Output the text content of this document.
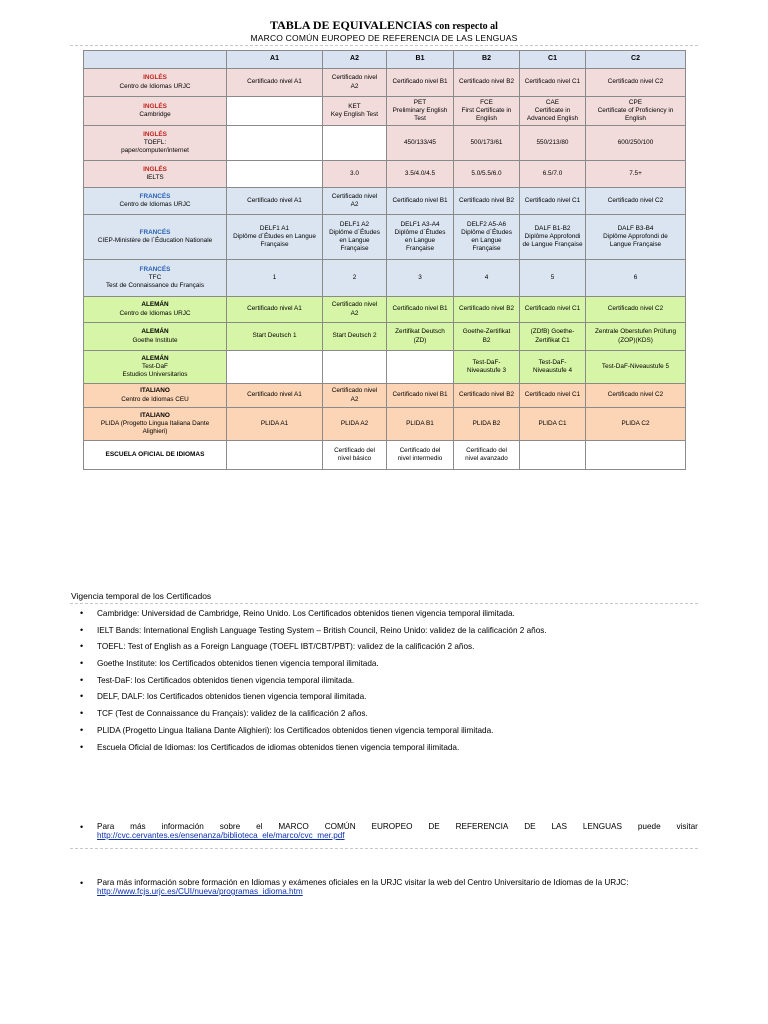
TABLA DE EQUIVALENCIAS con respecto al
MARCO COMÚN EUROPEO DE REFERENCIA DE LAS LENGUAS
	A1	A2	B1	B2	C1	C2
INGLÉS
Centro de Idiomas URJC	Certificado nivel A1	Certificado nivel
A2	Certificado nivel B1	Certificado nivel B2	Certificado nivel C1	Certificado nivel C2
INGLÉS
Cambridge		KET
Key English Test	PET
Preliminary English
Test	FCE
First Certificate in
English	CAE
Certificate in
Advanced English	CPE
Certificate of Proficiency in
English
INGLÉS
TOEFL:
paper/computer/internet			450/133/45	500/173/61	550/213/80	600/250/100
INGLÉS
IELTS		3.0	3.5/4.0/4.5	5.0/5.5/6.0	6.5/7.0	7.5+
FRANCÉS
Centro de Idiomas URJC	Certificado nivel A1	Certificado nivel
A2	Certificado nivel B1	Certificado nivel B2	Certificado nivel C1	Certificado nivel C2
FRANCÉS
CIEP-Ministère de l´Éducation Nationale	DELF1 A1
Diplôme d´Études en Langue
Française	DELF1 A2
Diplôme d´Études
en Langue
Française	DELF1 A3-A4
Diplôme d´Études
en Langue
Française	DELF2 A5-A6
Diplôme d´Études
en Langue
Française	DALF B1-B2
Diplôme Approfondi
de Langue Française	DALF B3-B4
Diplôme Approfondi de
Langue Française
FRANCÉS
TFC
Test de Connaissance du Français	1	2	3	4	5	6
ALEMÁN
Centro de Idiomas URJC	Certificado nivel A1	Certificado nivel
A2	Certificado nivel B1	Certificado nivel B2	Certificado nivel C1	Certificado nivel C2
ALEMÁN
Goethe Institute	Start Deutsch 1	Start Deutsch 2	Zertifikat Deutsch
(ZD)	Goethe-Zertifikat
B2	(ZDfB) Goethe-
Zertifikat C1	Zentrale Oberstufen Prüfung
(ZOP)(KDS)
ALEMÁN
Test-DaF
Estudios Universitarios				Test-DaF-
Niveaustufe 3	Test-DaF-
Niveaustufe 4	Test-DaF-Niveaustufe 5
ITALIANO
Centro de Idiomas CEU	Certificado nivel A1	Certificado nivel
A2	Certificado nivel B1	Certificado nivel B2	Certificado nivel C1	Certificado nivel C2
ITALIANO
PLIDA (Progetto Lingua Italiana Dante
Alighieri)	PLIDA A1	PLIDA A2	PLIDA B1	PLIDA B2	PLIDA C1	PLIDA C2
ESCUELA OFICIAL DE IDIOMAS		Certificado del
nivel básico	Certificado del
nivel intermedio	Certificado del
nivel avanzado		
Vigencia temporal de los Certificados
• Cambridge: Universidad de Cambridge, Reino Unido. Los Certificados obtenidos tienen vigencia temporal ilimitada.
• IELT Bands: International English Language Testing System – British Council, Reino Unido: validez de la calificación 2 años.
• TOEFL: Test of English as a Foreign Language (TOEFL IBT/CBT/PBT): validez de la calificación 2 años.
• Goethe Institute: los Certificados obtenidos tienen vigencia temporal ilimitada.
• Test-DaF: los Certificados obtenidos tienen vigencia temporal ilimitada.
• DELF, DALF: los Certificados obtenidos tienen vigencia temporal ilimitada.
• TCF (Test de Connaissance du Français): validez de la calificación 2 años.
• PLIDA (Progetto Lingua Italiana Dante Alighieri): los Certificados obtenidos tienen vigencia temporal ilimitada.
• Escuela Oficial de Idiomas: los Certificados de idiomas obtenidos tienen vigencia temporal ilimitada.
• Para más información sobre el MARCO COMÚN EUROPEO DE REFERENCIA DE LAS LENGUAS puede visitar
http://cvc.cervantes.es/ensenanza/biblioteca_ele/marco/cvc_mer.pdf
• Para más información sobre formación en Idiomas y exámenes oficiales en la URJC visitar la web del Centro Universitario de Idiomas de la URJC:
http://www.fcjs.urjc.es/CUI/nueva/programas_idioma.htm
